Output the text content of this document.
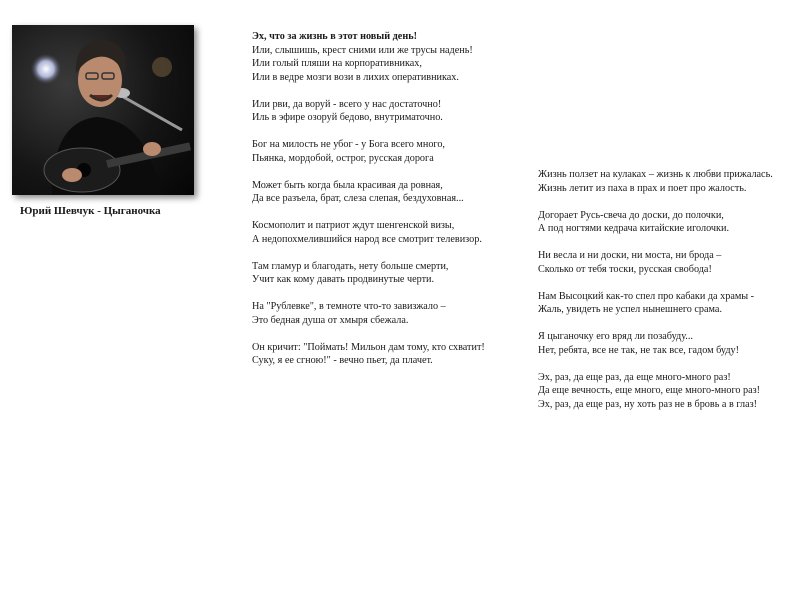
Юрий Шевчук - Цыганочка
Эх, что за жизнь в этот новый день!
Или, слышишь, крест сними или же трусы надень!
Или голый пляши на корпоративниках,
Или в ведре мозги вози в лихих оперативниках.
Или рви, да воруй - всего у нас достаточно!
Иль в эфире озоруй бедово, внутриматочно.
Бог на милость не убог - у Бога всего много,
Пьянка, мордобой, острог, русская дорога
Может быть когда была красивая да ровная,
Да все разъела, брат, слеза слепая, бездуховная...
Космополит и патриот ждут шенгенской визы,
А недопохмелившийся народ все смотрит телевизор.
Там гламур и благодать, нету больше смерти,
Учит как кому давать продвинутые черти.
На "Рублевке", в темноте что-то завизжало –
Это бедная душа от хмыря сбежала.
Он кричит: "Поймать! Мильон дам тому, кто схватит!
Суку, я ее сгною!" - вечно пьет, да плачет.
Жизнь ползет на кулаках – жизнь к любви прижалась.
Жизнь летит из паха в прах и поет про жалость.
Догорает Русь-свеча до доски, до полочки,
А под ногтями кедрача китайские иголочки.
Ни весла и ни доски, ни моста, ни брода –
Сколько от тебя тоски, русская свобода!
Нам Высоцкий как-то спел про кабаки да храмы -
Жаль, увидеть не успел нынешнего срама.
Я цыганочку его вряд ли позабуду...
Нет, ребята, все не так, не так все, гадом буду!
Эх, раз, да еще раз, да еще много-много раз!
Да еще вечность, еще много, еще много-много раз!
Эх, раз, да еще раз, ну хоть раз не в бровь а в глаз!
